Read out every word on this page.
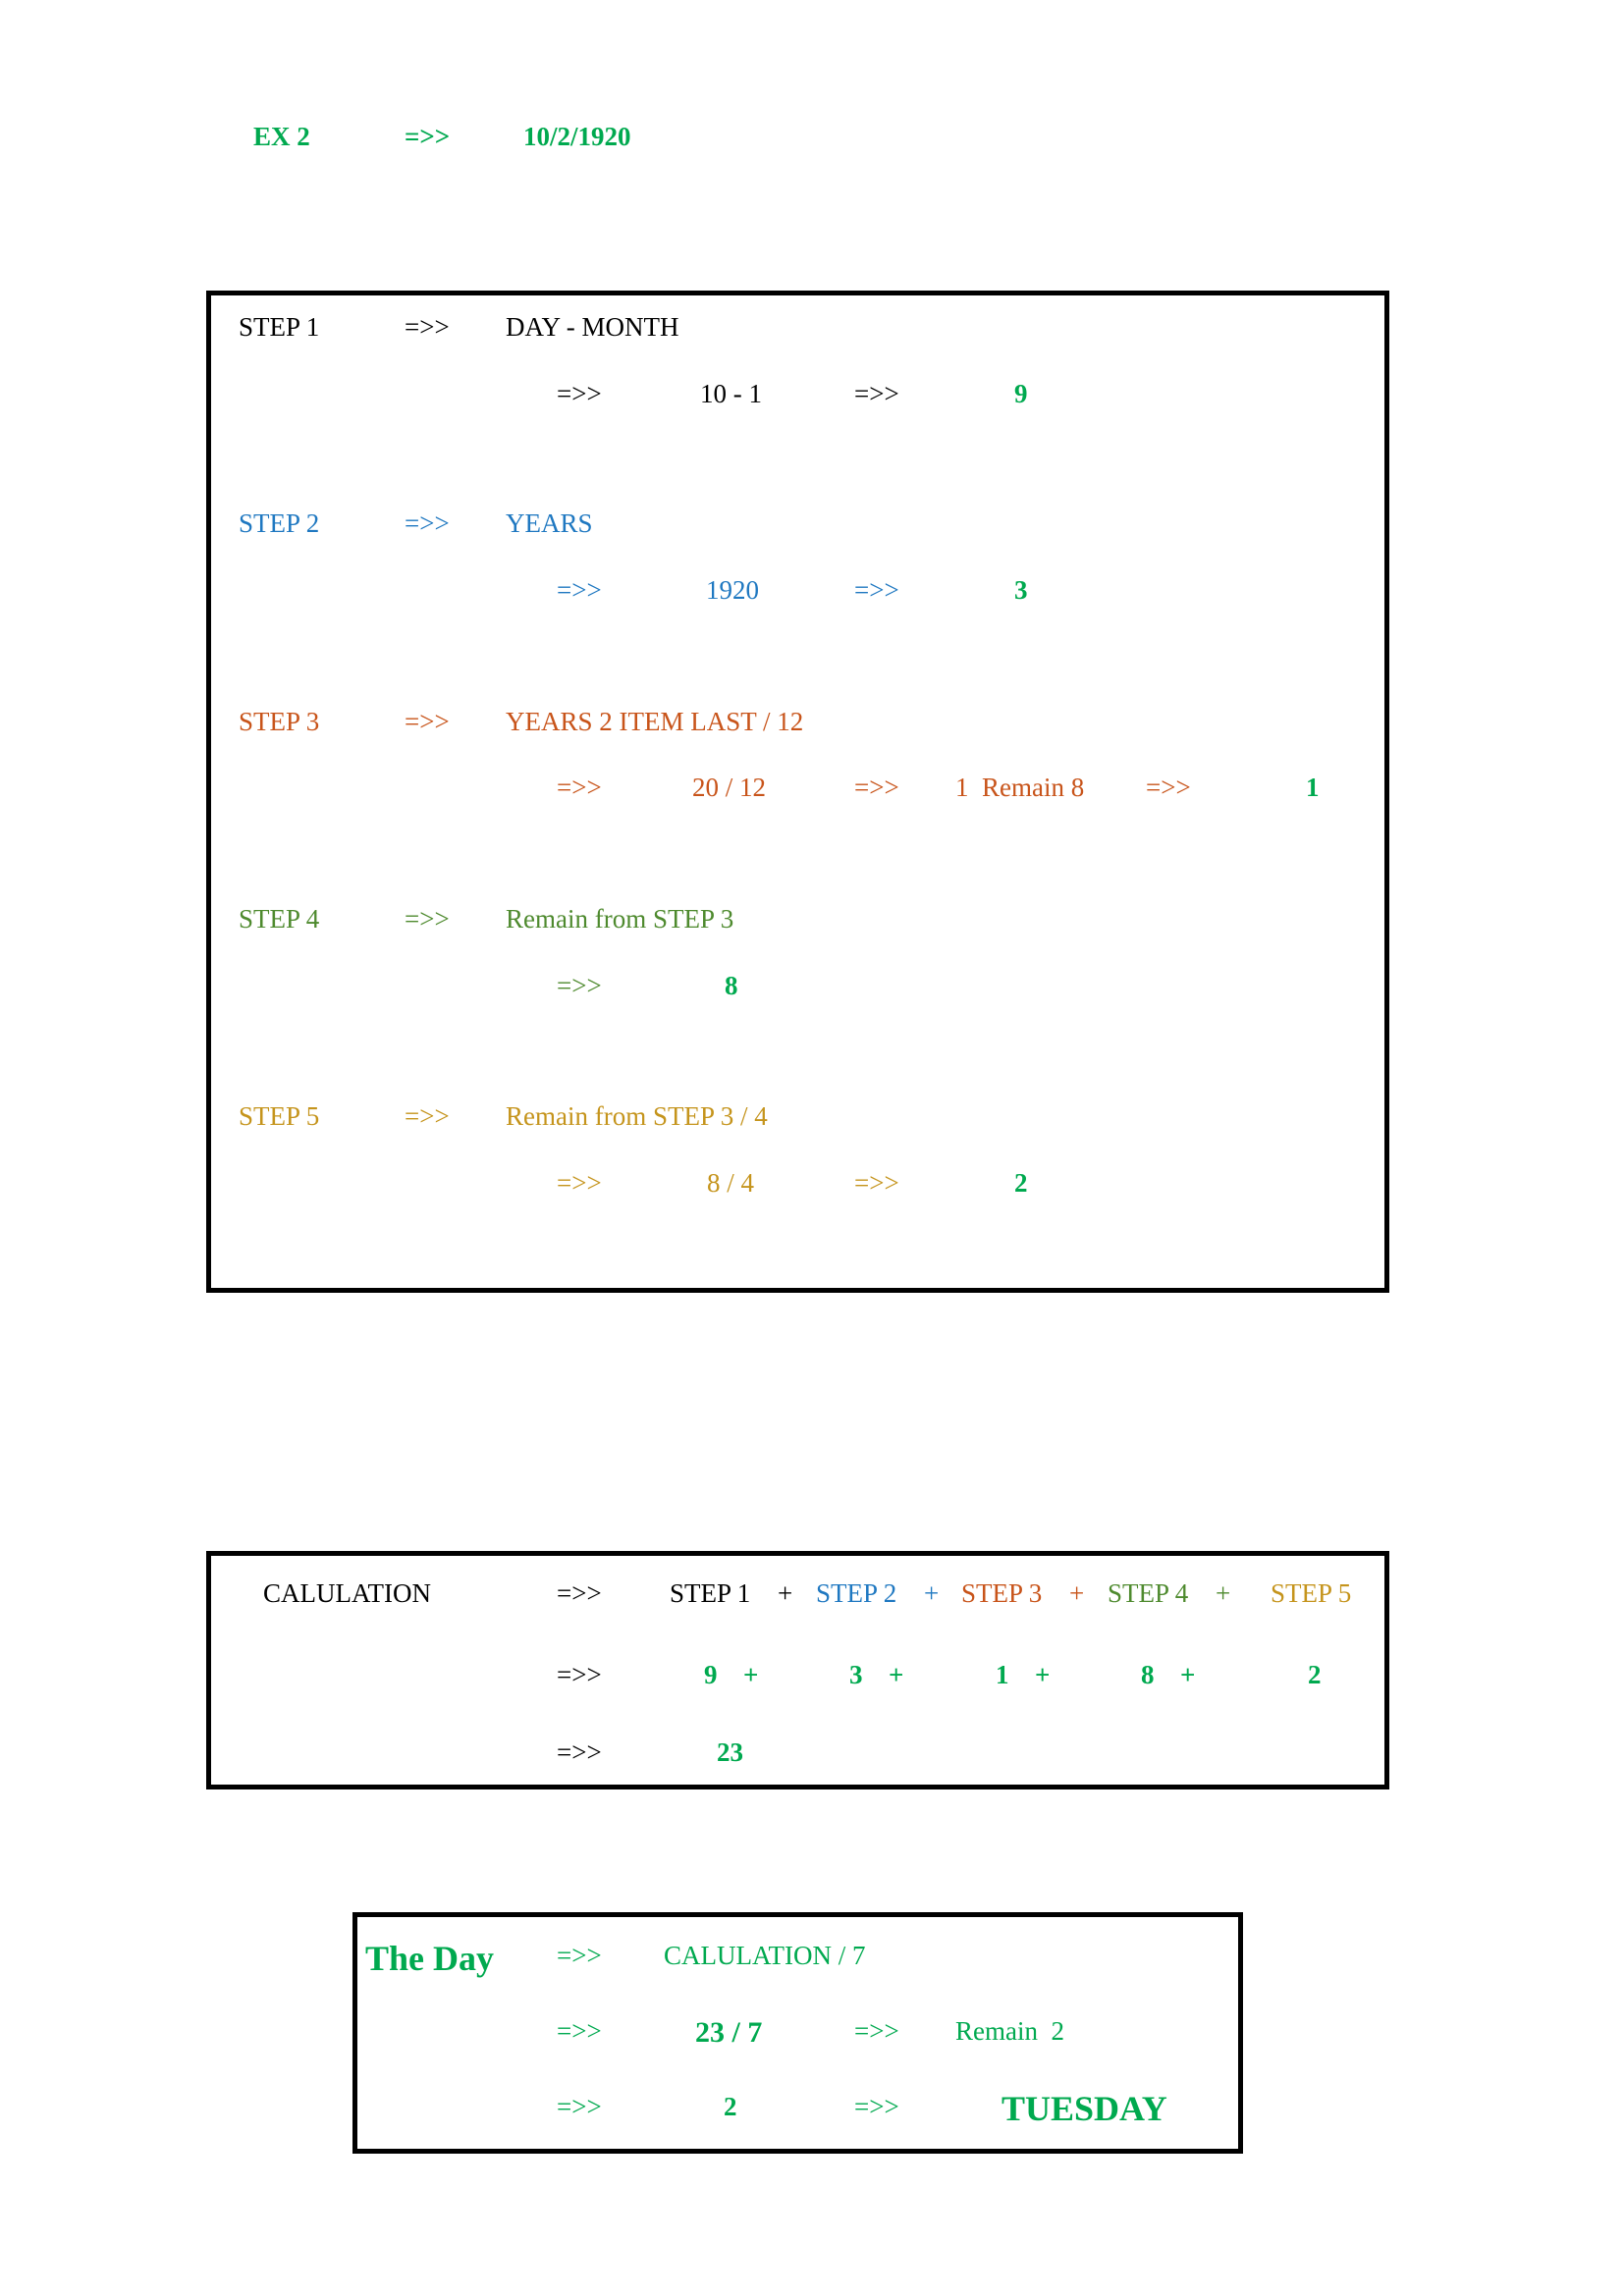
EX 2	=>>	10/2/1920
STEP 1	=>> DAY - MONTH
=>>	10 - 1	=>>	9
STEP 2	=>> YEARS
=>>	1920	=>>	3
STEP 3	=>> YEARS 2 ITEM LAST / 12
=>>	20 / 12	=>> 1  Remain 8 =>>	1
STEP 4	=>> Remain from STEP 3
=>>	8
STEP 5	=>> Remain from STEP 3 / 4
=>>	8 / 4	=>>	2
CALULATION	=>>	STEP 1 + STEP 2 + STEP 3 + STEP 4 + STEP 5
=>>	9 +	3 +	1 +	8 +	2
=>>	23
The Day =>> CALULATION / 7
=>>	23 / 7	=>> Remain  2
=>>	2	=>>	TUESDAY
